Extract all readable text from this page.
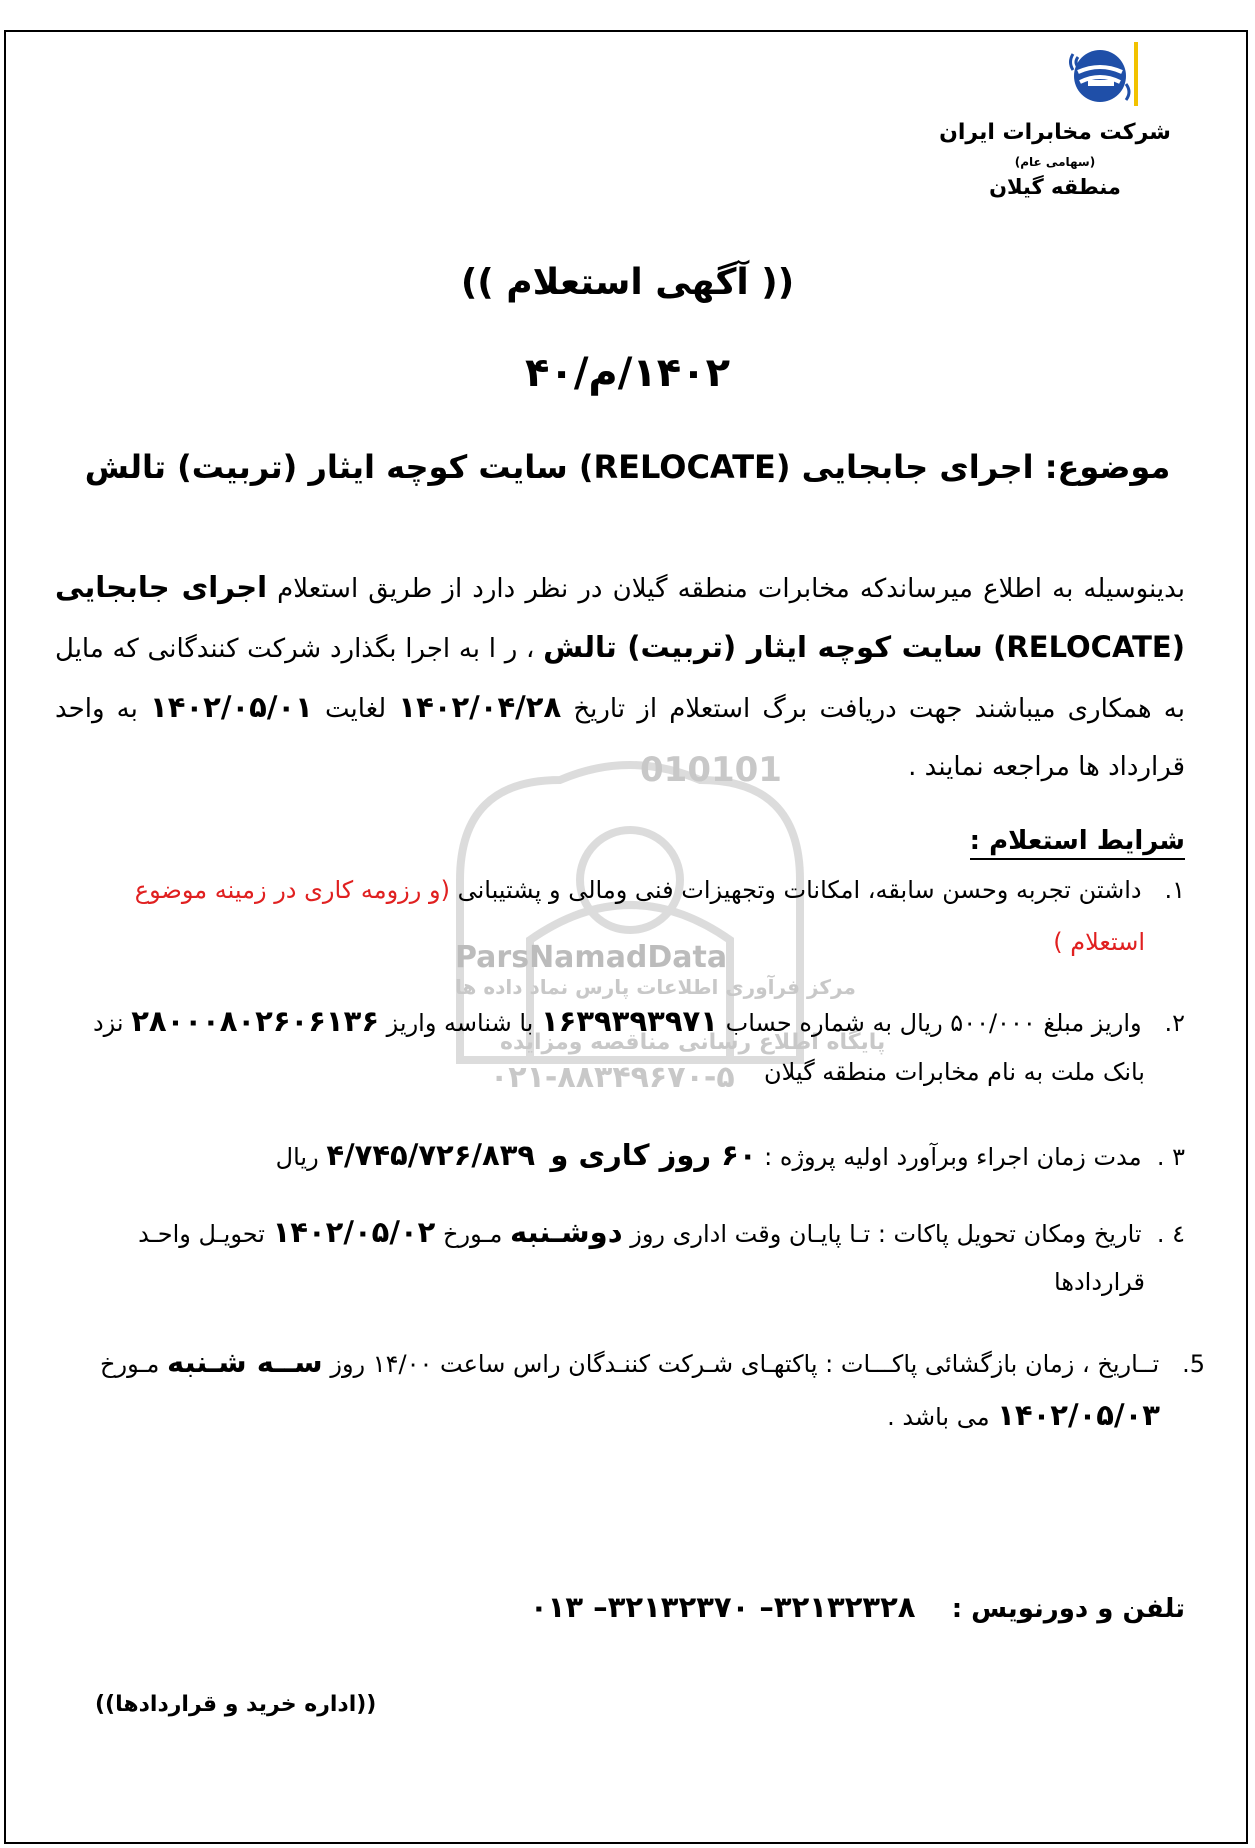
شرکت مخابرات ایران
(سهامی عام)
منطقه گیلان
010101
ParsNamadData
مرکز فرآوری اطلاعات پارس نماد داده ها
پایگاه اطلاع رسانی مناقصه ومزایده
۰۲۱-۸۸۳۴۹۶۷۰-۵
(( آگهی استعلام ))
۱۴۰۲/م/۴۰
موضوع: اجرای جابجایی (RELOCATE) سایت کوچه ایثار (تربیت) تالش
بدینوسیله به اطلاع میرساندکه مخابرات منطقه گیلان در نظر دارد از طریق استعلام اجرای جابجایی (RELOCATE) سایت کوچه ایثار (تربیت) تالش ، ر ا به اجرا بگذارد شرکت کنندگانی که مایل به همکاری میباشند جهت دریافت برگ استعلام از تاریخ ۱۴۰۲/۰۴/۲۸ لغایت ۱۴۰۲/۰۵/۰۱ به واحد قرارداد ها مراجعه نمایند .
شرایط استعلام :
۱.   داشتن تجربه وحسن سابقه، امکانات وتجهیزات فنی ومالی و پشتیبانی (و رزومه کاری در زمینه موضوع
استعلام )
۲.   واریز مبلغ ۵۰۰/۰۰۰ ریال به شماره حساب ۱۶۳۹۳۹۳۹۷۱ با شناسه واریز ۲۸۰۰۰۸۰۲۶۰۶۱۳۶ نزد
بانک ملت به نام مخابرات منطقه گیلان
۳ .  مدت زمان اجراء وبرآورد اولیه پروژه : ۶۰ روز کاری و  ۴/۷۴۵/۷۲۶/۸۳۹ ریال
٤ .  تاریخ ومکان تحویل پاکات : تـا پایـان وقت اداری روز دوشـنبه مـورخ ۱۴۰۲/۰۵/۰۲ تحویـل واحـد
قراردادها
5.   تــاریخ ، زمان بازگشائی پاکـــات : پاکتهـای شـرکت کننـدگان راس ساعت ۱۴/۰۰ روز ســه شـنبه مـورخ
۱۴۰۲/۰۵/۰۳ می باشد .
تلفن و دورنویس :    ۳۲۱۳۲۳۲۸– ۳۲۱۳۲۳۷۰– ۰۱۳
((اداره خرید و قراردادها))
